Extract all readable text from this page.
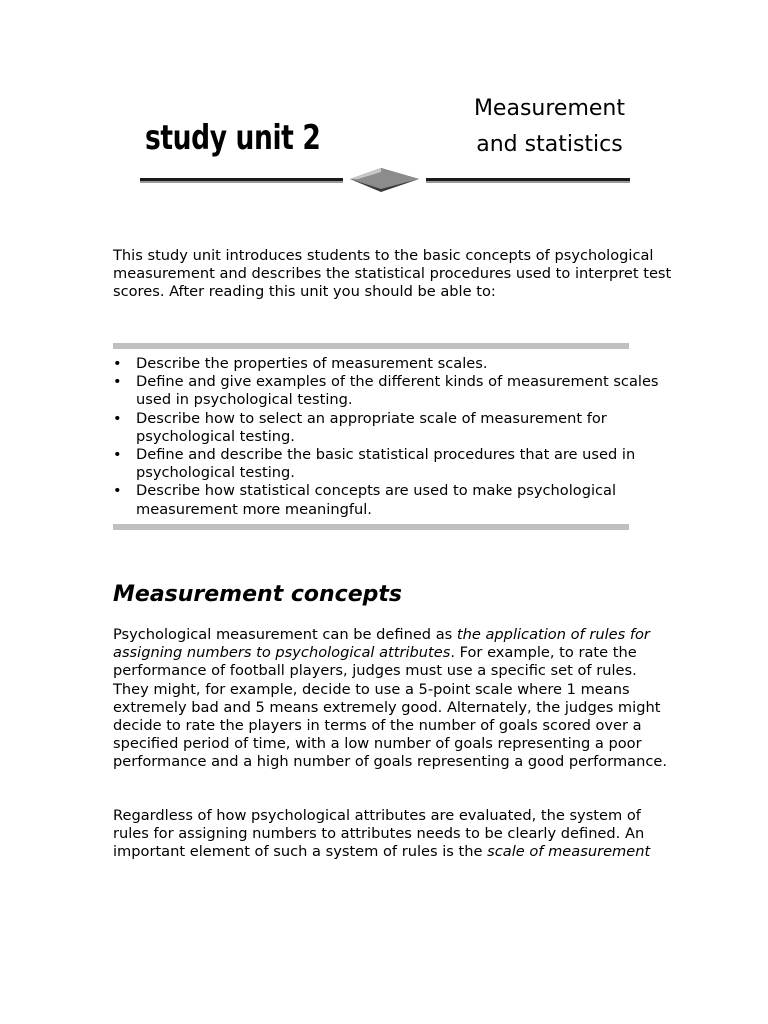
study unit 2
Measurement
and statistics

This study unit introduces students to the basic concepts of psychological measurement and describes the statistical procedures used to interpret test scores. After reading this unit you should be able to:

• Describe the properties of measurement scales.
• Define and give examples of the different kinds of measurement scales used in psychological testing.
• Describe how to select an appropriate scale of measurement for psychological testing.
• Define and describe the basic statistical procedures that are used in psychological testing.
• Describe how statistical concepts are used to make psychological measurement more meaningful.
Measurement concepts

Psychological measurement can be defined as the application of rules for assigning numbers to psychological attributes. For example, to rate the performance of football players, judges must use a specific set of rules. They might, for example, decide to use a 5-point scale where 1 means extremely bad and 5 means extremely good. Alternately, the judges might decide to rate the players in terms of the number of goals scored over a specified period of time, with a low number of goals representing a poor performance and a high number of goals representing a good performance.

Regardless of how psychological attributes are evaluated, the system of rules for assigning numbers to attributes needs to be clearly defined. An important element of such a system of rules is the scale of measurement
